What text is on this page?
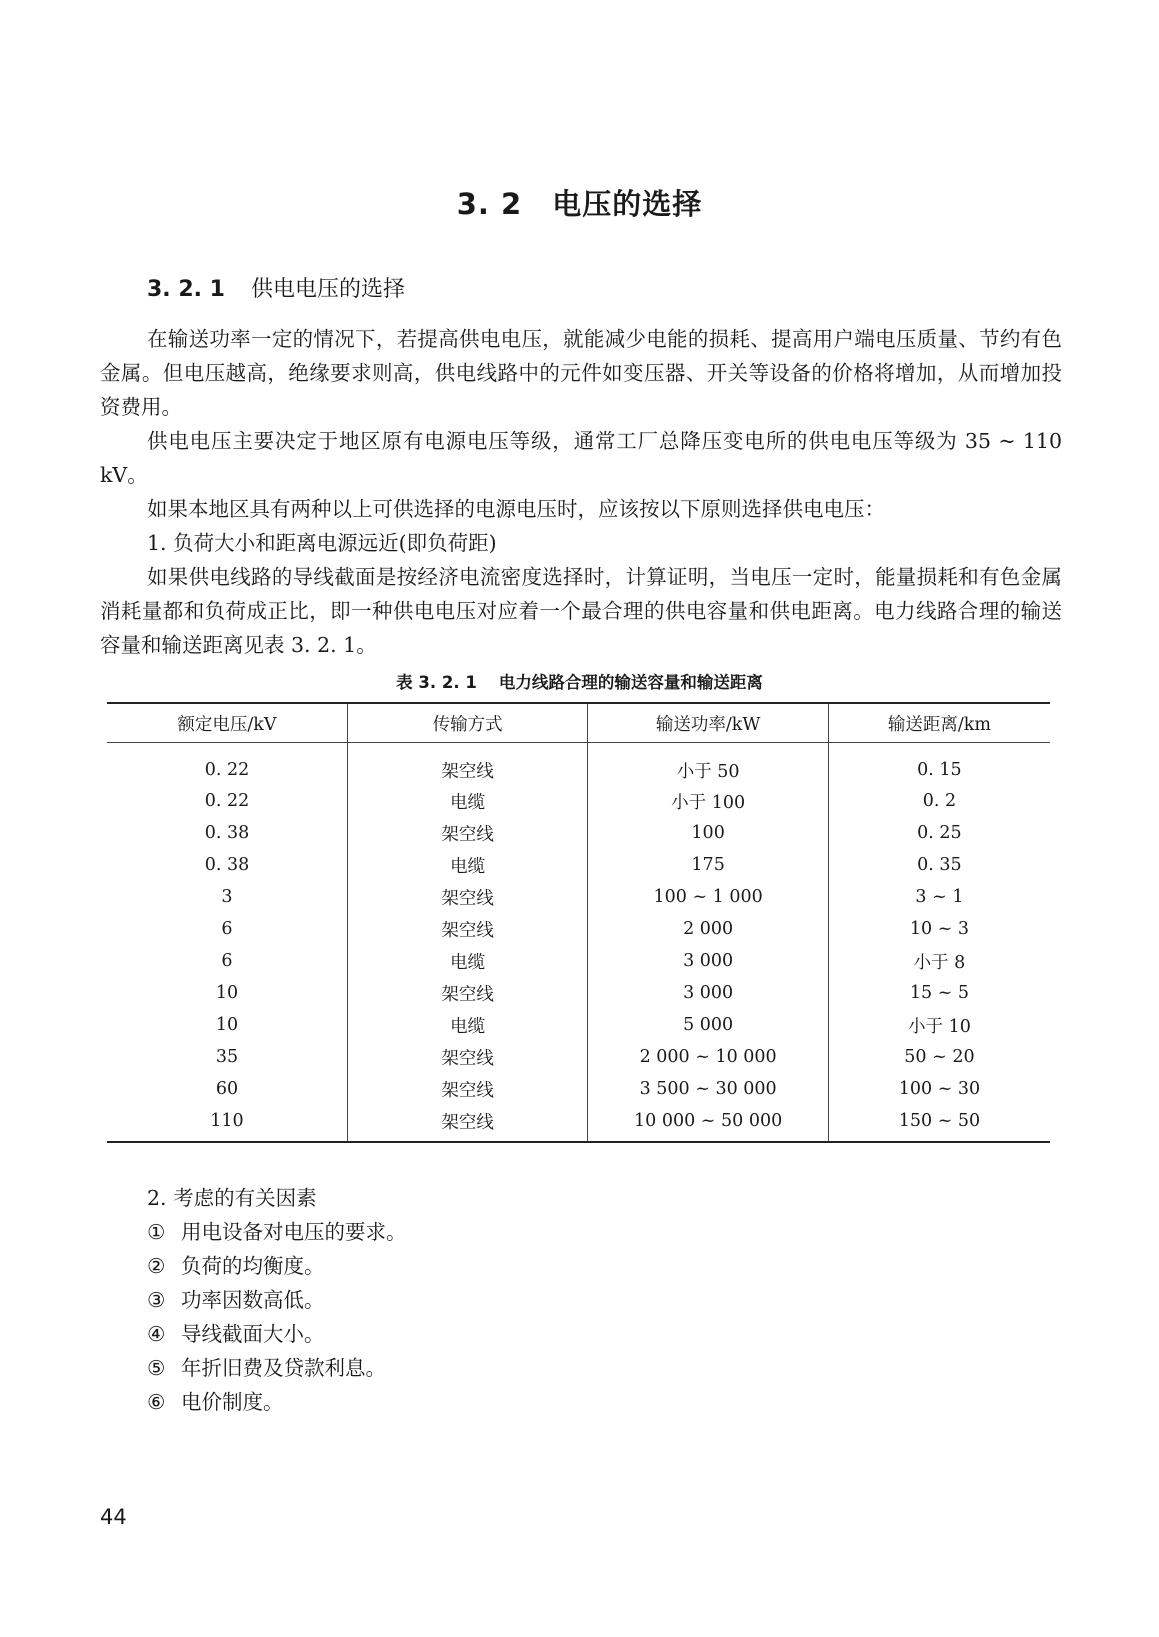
3. 2 电压的选择
3. 2. 1 供电电压的选择
在输送功率一定的情况下，若提高供电电压，就能减少电能的损耗、提高用户端电压质量、节约有色金属。但电压越高，绝缘要求则高，供电线路中的元件如变压器、开关等设备的价格将增加，从而增加投资费用。
供电电压主要决定于地区原有电源电压等级，通常工厂总降压变电所的供电电压等级为 35 ~ 110 kV。
如果本地区具有两种以上可供选择的电源电压时，应该按以下原则选择供电电压：
1. 负荷大小和距离电源远近(即负荷距)
如果供电线路的导线截面是按经济电流密度选择时，计算证明，当电压一定时，能量损耗和有色金属消耗量都和负荷成正比，即一种供电电压对应着一个最合理的供电容量和供电距离。电力线路合理的输送容量和输送距离见表 3. 2. 1。
表 3. 2. 1 电力线路合理的输送容量和输送距离
额定电压/kV	传输方式	输送功率/kW	输送距离/km
0. 22	架空线	小于 50	0. 15
0. 22	电缆	小于 100	0. 2
0. 38	架空线	100	0. 25
0. 38	电缆	175	0. 35
3	架空线	100 ~ 1 000	3 ~ 1
6	架空线	2 000	10 ~ 3
6	电缆	3 000	小于 8
10	架空线	3 000	15 ~ 5
10	电缆	5 000	小于 10
35	架空线	2 000 ~ 10 000	50 ~ 20
60	架空线	3 500 ~ 30 000	100 ~ 30
110	架空线	10 000 ~ 50 000	150 ~ 50
2. 考虑的有关因素
① 用电设备对电压的要求。
② 负荷的均衡度。
③ 功率因数高低。
④ 导线截面大小。
⑤ 年折旧费及贷款利息。
⑥ 电价制度。
44
